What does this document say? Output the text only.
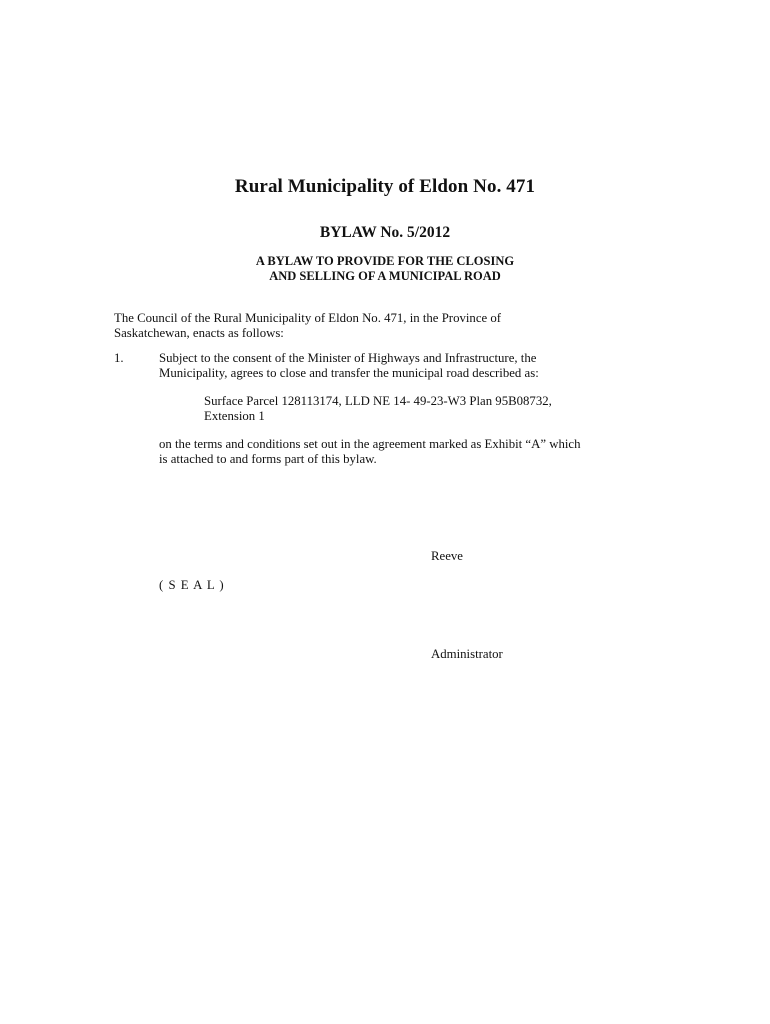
Rural Municipality of Eldon No. 471
BYLAW No. 5/2012
A BYLAW TO PROVIDE FOR THE CLOSING
AND SELLING OF A MUNICIPAL ROAD
The Council of the Rural Municipality of Eldon No. 471, in the Province of
Saskatchewan, enacts as follows:
1.	Subject to the consent of the Minister of Highways and Infrastructure, the
Municipality, agrees to close and transfer the municipal road described as:
Surface Parcel 128113174, LLD NE 14- 49-23-W3 Plan 95B08732,
Extension 1
on the terms and conditions set out in the agreement marked as Exhibit “A” which
is attached to and forms part of this bylaw.
Reeve
( S E A L )
Administrator
